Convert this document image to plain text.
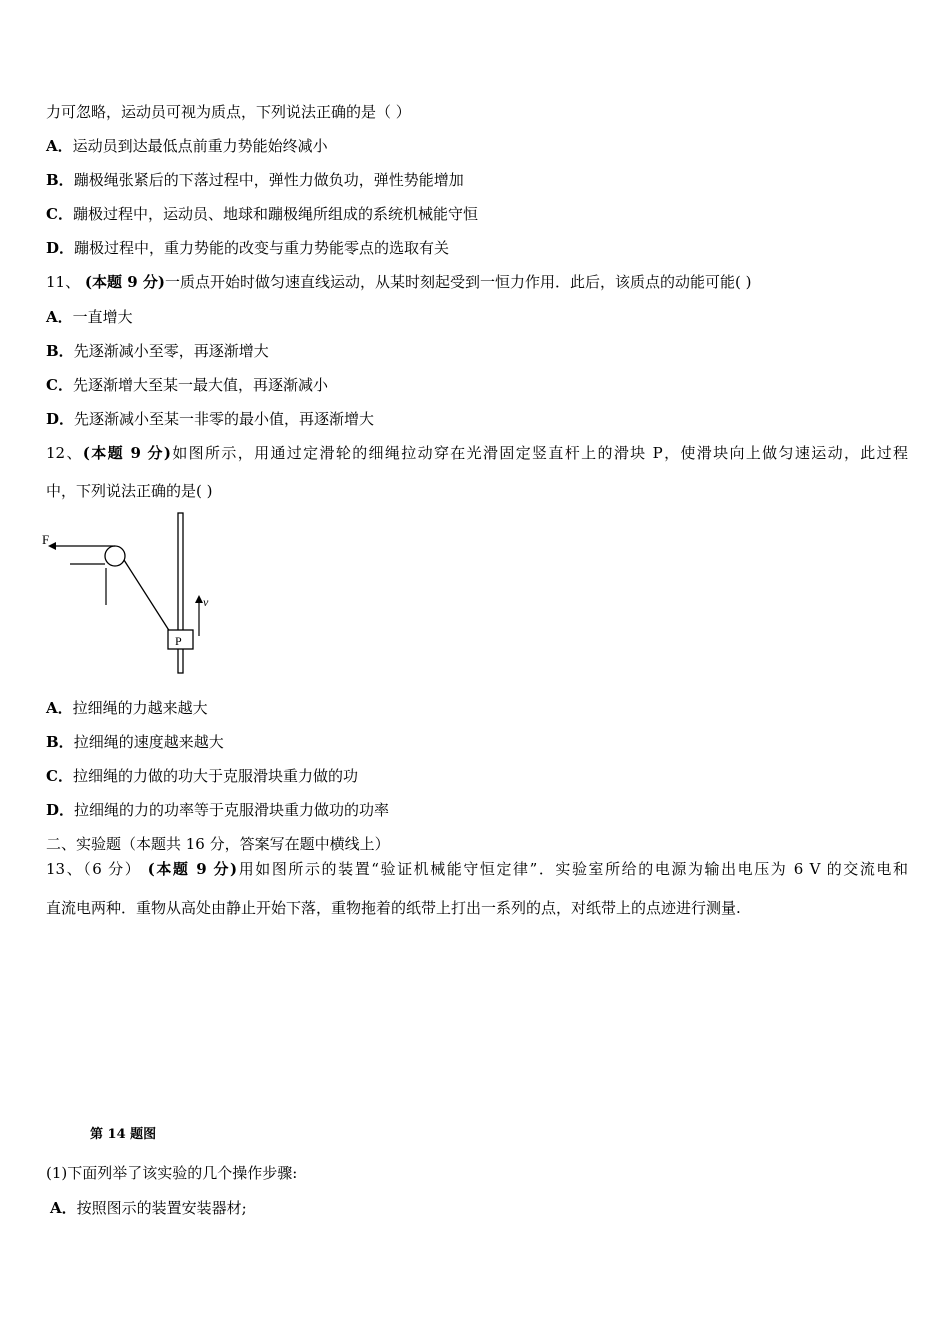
力可忽略，运动员可视为质点，下列说法正确的是（ ）
A．运动员到达最低点前重力势能始终减小
B．蹦极绳张紧后的下落过程中，弹性力做负功，弹性势能增加
C．蹦极过程中，运动员、地球和蹦极绳所组成的系统机械能守恒
D．蹦极过程中，重力势能的改变与重力势能零点的选取有关
11、 (本题 9 分)一质点开始时做匀速直线运动，从某时刻起受到一恒力作用．此后，该质点的动能可能( )
A．一直增大
B．先逐渐减小至零，再逐渐增大
C．先逐渐增大至某一最大值，再逐渐减小
D．先逐渐减小至某一非零的最小值，再逐渐增大
12、(本题 9 分)如图所示，用通过定滑轮的细绳拉动穿在光滑固定竖直杆上的滑块 P，使滑块向上做匀速运动，此过程
中，下列说法正确的是( )
F
P
v
A．拉细绳的力越来越大
B．拉细绳的速度越来越大
C．拉细绳的力做的功大于克服滑块重力做的功
D．拉细绳的力的功率等于克服滑块重力做功的功率
二、实验题（本题共 16 分，答案写在题中横线上）
13、（6 分） (本题 9 分)用如图所示的装置“验证机械能守恒定律”．实验室所给的电源为输出电压为 6 V 的交流电和
直流电两种．重物从高处由静止开始下落，重物拖着的纸带上打出一系列的点，对纸带上的点迹进行测量.
第 14 题图
(1)下面列举了该实验的几个操作步骤:
A．按照图示的装置安装器材;
